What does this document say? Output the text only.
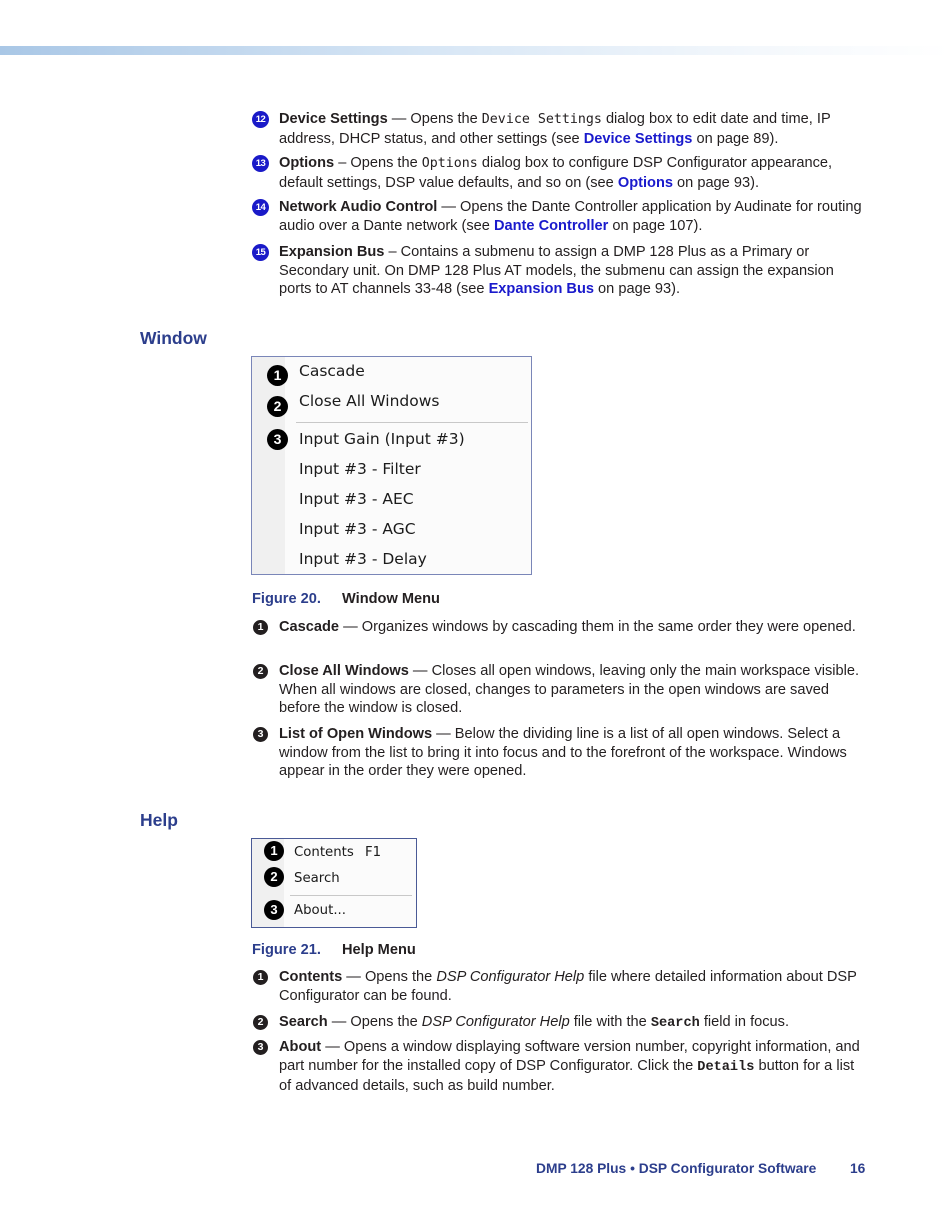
12 Device Settings — Opens the Device Settings dialog box to edit date and time, IP address, DHCP status, and other settings (see Device Settings on page 89).
13 Options – Opens the Options dialog box to configure DSP Configurator appearance, default settings, DSP value defaults, and so on (see Options on page 93).
14 Network Audio Control — Opens the Dante Controller application by Audinate for routing audio over a Dante network (see Dante Controller on page 107).
15 Expansion Bus – Contains a submenu to assign a DMP 128 Plus as a Primary or Secondary unit. On DMP 128 Plus AT models, the submenu can assign the expansion ports to AT channels 33-48 (see Expansion Bus on page 93).
Window
1	Cascade
2	Close All Windows
3	Input Gain (Input #3)
Input #3 - Filter
Input #3 - AEC
Input #3 - AGC
Input #3 - Delay
Figure 20. Window Menu
1	Cascade — Organizes windows by cascading them in the same order they were opened.
2	Close All Windows — Closes all open windows, leaving only the main workspace visible. When all windows are closed, changes to parameters in the open windows are saved before the window is closed.
3	List of Open Windows — Below the dividing line is a list of all open windows. Select a window from the list to bring it into focus and to the forefront of the workspace. Windows appear in the order they were opened.
Help
1	Contents F1
2	Search
3	About...
Figure 21. Help Menu
1	Contents — Opens the DSP Configurator Help file where detailed information about DSP Configurator can be found.
2	Search — Opens the DSP Configurator Help file with the Search field in focus.
3	About — Opens a window displaying software version number, copyright information, and part number for the installed copy of DSP Configurator. Click the Details button for a list of advanced details, such as build number.
DMP 128 Plus • DSP Configurator Software 16
